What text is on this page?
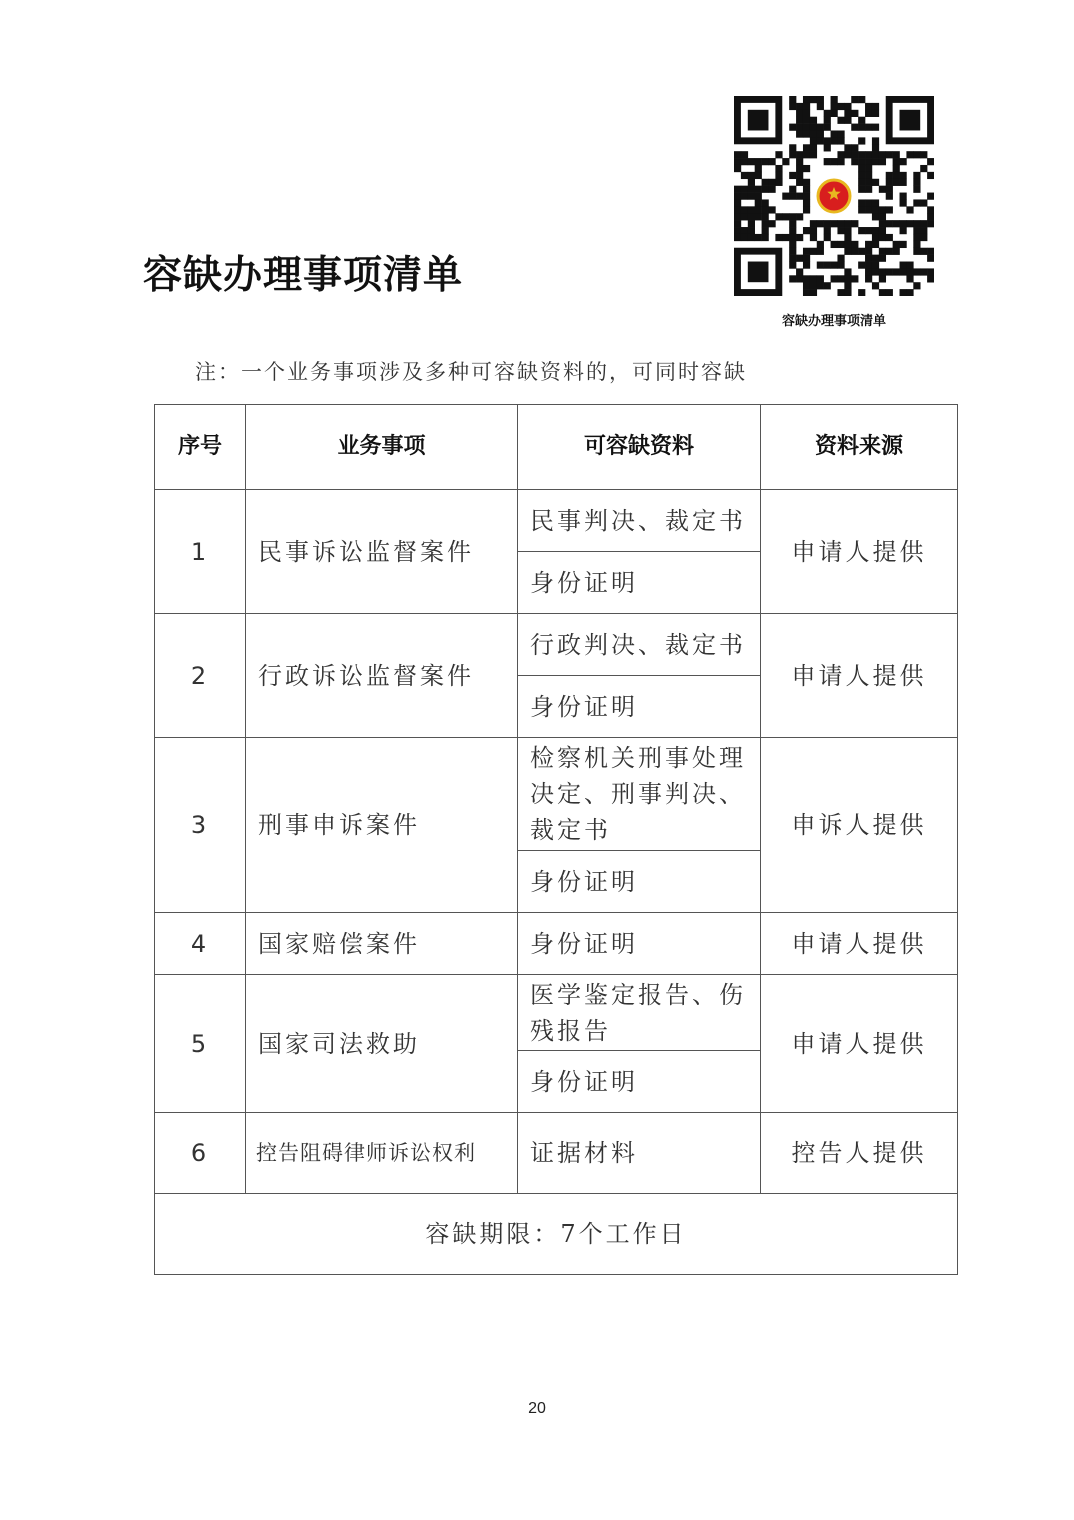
容缺办理事项清单
容缺办理事项清单
注：一个业务事项涉及多种可容缺资料的，可同时容缺
序号	业务事项	可容缺资料	资料来源
1	民事诉讼监督案件	民事判决、裁定书	申请人提供
		身份证明	
2	行政诉讼监督案件	行政判决、裁定书	申请人提供
		身份证明	
3	刑事申诉案件	检察机关刑事处理决定、刑事判决、裁定书	申诉人提供
		身份证明	
4	国家赔偿案件	身份证明	申请人提供
5	国家司法救助	医学鉴定报告、伤残报告	申请人提供
		身份证明	
6	控告阻碍律师诉讼权利	证据材料	控告人提供
容缺期限：7个工作日			
20
